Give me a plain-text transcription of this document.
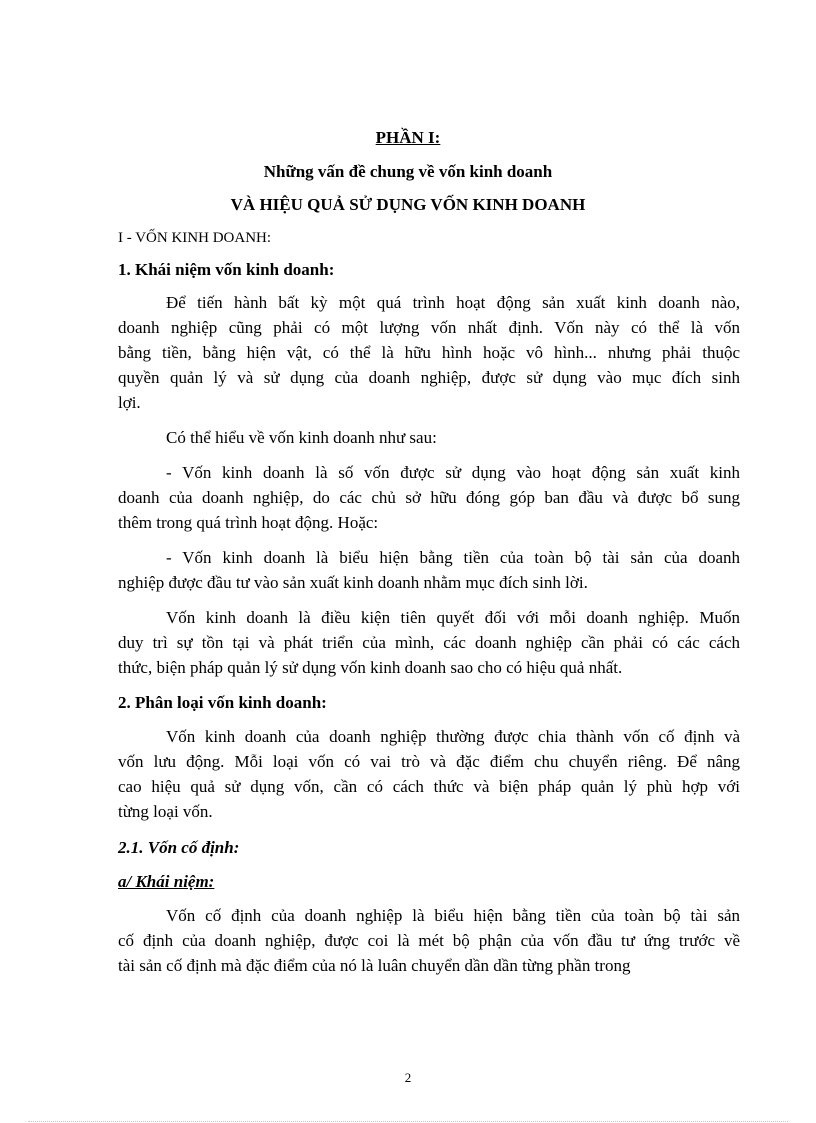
PHẦN I:
Những vấn đề chung về vốn kinh doanh
VÀ HIỆU QUẢ SỬ DỤNG VỐN KINH DOANH
I - VỐN KINH DOANH:
1. Khái niệm vốn kinh doanh:
Để tiến hành bất kỳ một quá trình hoạt động sản xuất kinh doanh nào,
doanh nghiệp cũng phải có một lượng vốn nhất định. Vốn này có thể là vốn
bằng tiền, bằng hiện vật, có thể là hữu hình hoặc vô hình... nhưng phải thuộc
quyền quản lý và sử dụng của doanh nghiệp, được sử dụng vào mục đích sinh
lợi.
Có thể hiểu về vốn kinh doanh như sau:
- Vốn kinh doanh là số vốn được sử dụng vào hoạt động sản xuất kinh
doanh của doanh nghiệp, do các chủ sở hữu đóng góp ban đầu và được bổ sung
thêm trong quá trình hoạt động. Hoặc:
- Vốn kinh doanh là biểu hiện bằng tiền của toàn bộ tài sản của doanh
nghiệp được đầu tư vào sản xuất kinh doanh nhằm mục đích sinh lời.
Vốn kinh doanh là điều kiện tiên quyết đối với mỗi doanh nghiệp. Muốn
duy trì sự tồn tại và phát triển của mình, các doanh nghiệp cần phải có các cách
thức, biện pháp quản lý sử dụng vốn kinh doanh sao cho có hiệu quả nhất.
2. Phân loại vốn kinh doanh:
Vốn kinh doanh của doanh nghiệp thường được chia thành vốn cố định và
vốn lưu động. Mỗi loại vốn có vai trò và đặc điểm chu chuyển riêng. Để nâng
cao hiệu quả sử dụng vốn, cần có cách thức và biện pháp quản lý phù hợp với
từng loại vốn.
2.1. Vốn cố định:
a/ Khái niệm:
Vốn cố định của doanh nghiệp là biểu hiện bằng tiền của toàn bộ tài sản
cố định của doanh nghiệp, được coi là mét bộ phận của vốn đầu tư ứng trước về
tài sản cố định mà đặc điểm của nó là luân chuyển dần dần từng phần trong
2
